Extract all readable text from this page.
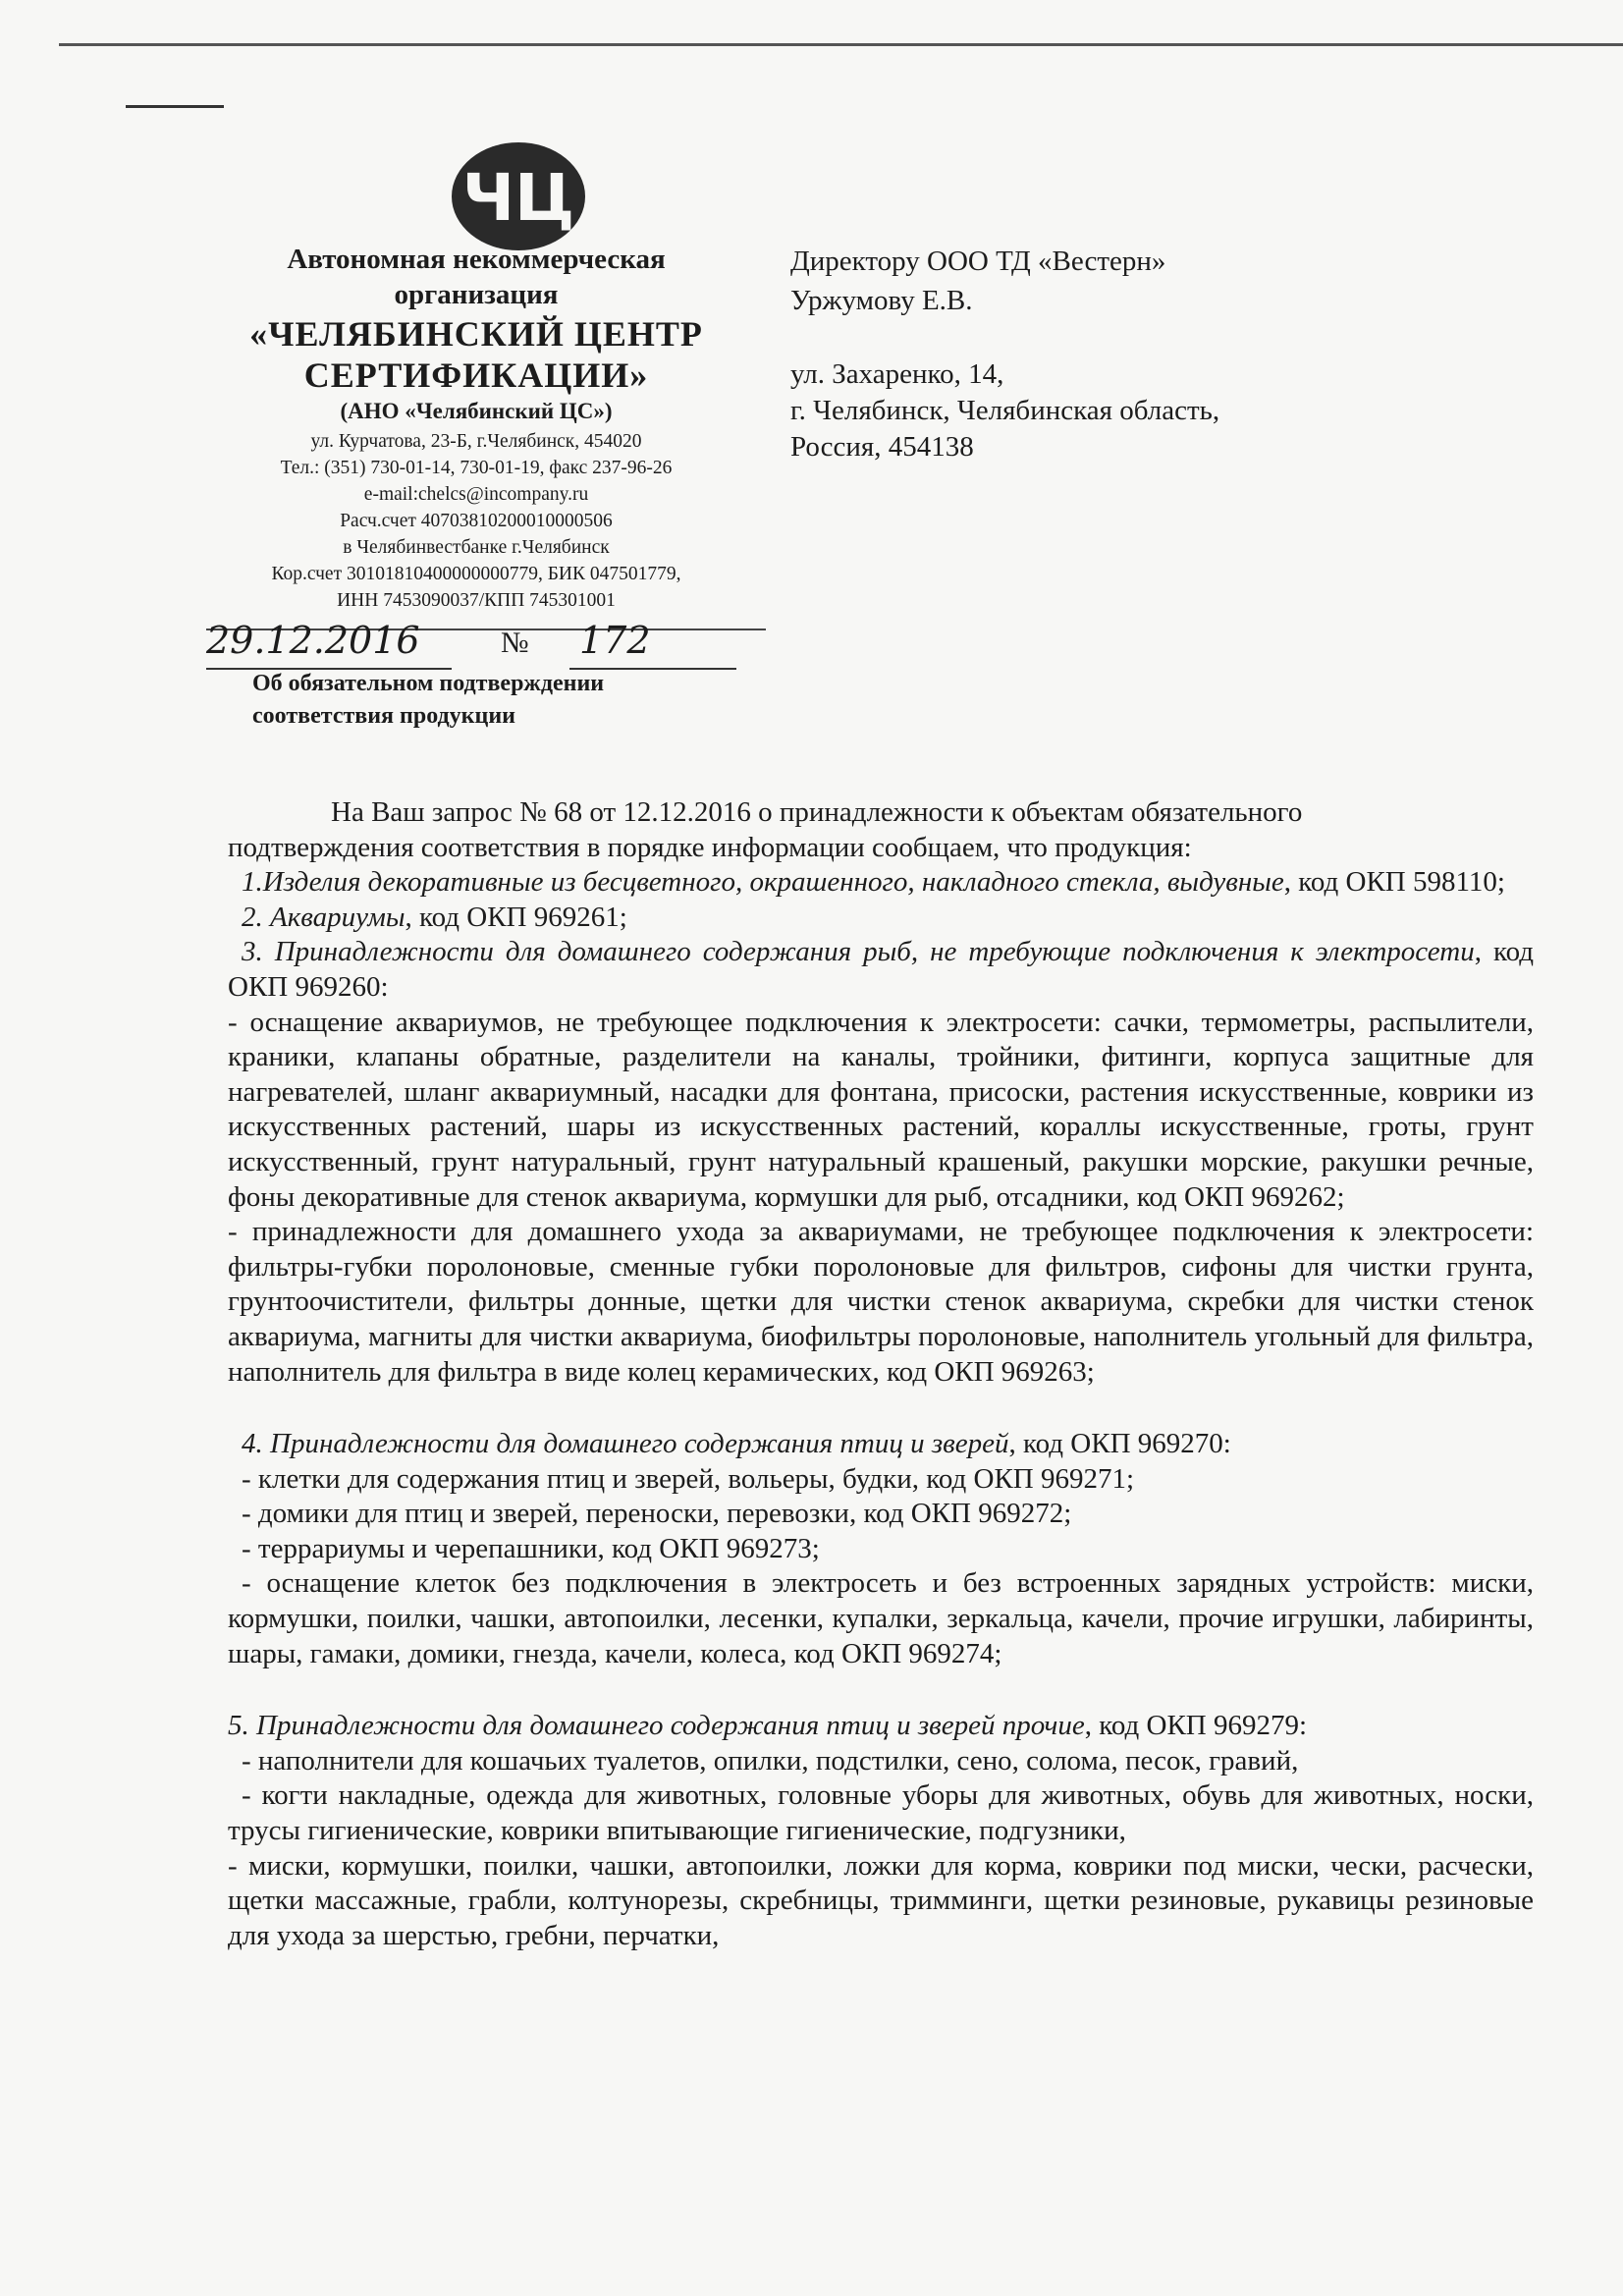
ЧЦ
Автономная некоммерческая
организация
«ЧЕЛЯБИНСКИЙ ЦЕНТР
СЕРТИФИКАЦИИ»
(АНО «Челябинский ЦС»)
ул. Курчатова, 23-Б, г.Челябинск, 454020
Тел.: (351) 730-01-14, 730-01-19, факс 237-96-26
e-mail:chelcs@incompany.ru
Расч.счет 40703810200010000506
в Челябинвестбанке г.Челябинск
Кор.счет 30101810400000000779, БИК 047501779,
ИНН 7453090037/КПП 745301001
Директору ООО ТД «Вестерн»
Уржумову Е.В.
ул. Захаренко, 14,
г. Челябинск, Челябинская область,
Россия, 454138
29.12.2016	№ 172
Об обязательном подтверждении
соответствия продукции

На Ваш запрос № 68 от 12.12.2016 о принадлежности к объектам обязательного

подтверждения соответствия в порядке информации сообщаем, что продукция:

1.Изделия декоративные из бесцветного, окрашенного, накладного стекла, выдувные, код ОКП 598110;

2. Аквариумы, код ОКП 969261;

3. Принадлежности для домашнего содержания рыб, не требующие подключения к электросети, код ОКП 969260:

- оснащение аквариумов, не требующее подключения к электросети: сачки, термометры, распылители, краники, клапаны обратные, разделители на каналы, тройники, фитинги, корпуса защитные для нагревателей, шланг аквариумный, насадки для фонтана, присоски, растения искусственные, коврики из искусственных растений, шары из искусственных растений, кораллы искусственные, гроты, грунт искусственный, грунт натуральный, грунт натуральный крашеный, ракушки морские, ракушки речные, фоны декоративные для стенок аквариума, кормушки для рыб, отсадники, код ОКП 969262;

- принадлежности для домашнего ухода за аквариумами, не требующее подключения к электросети: фильтры-губки поролоновые, сменные губки поролоновые для фильтров, сифоны для чистки грунта, грунтоочистители, фильтры донные, щетки для чистки стенок аквариума, скребки для чистки стенок аквариума, магниты для чистки аквариума, биофильтры поролоновые, наполнитель угольный для фильтра, наполнитель для фильтра в виде колец керамических, код ОКП 969263;

4. Принадлежности для домашнего содержания птиц и зверей, код ОКП 969270:

- клетки для содержания птиц и зверей, вольеры, будки, код ОКП 969271;

- домики для птиц и зверей, переноски, перевозки, код ОКП 969272;

- террариумы и черепашники, код ОКП 969273;

- оснащение клеток без подключения в электросеть и без встроенных зарядных устройств: миски, кормушки, поилки, чашки, автопоилки, лесенки, купалки, зеркальца, качели, прочие игрушки, лабиринты, шары, гамаки, домики, гнезда, качели, колеса, код ОКП 969274;

5. Принадлежности для домашнего содержания птиц и зверей прочие, код ОКП 969279:

- наполнители для кошачьих туалетов, опилки, подстилки, сено, солома, песок, гравий,

- когти накладные, одежда для животных, головные уборы для животных, обувь для животных, носки, трусы гигиенические, коврики впитывающие гигиенические, подгузники,

- миски, кормушки, поилки, чашки, автопоилки, ложки для корма, коврики под миски, чески, расчески, щетки массажные, грабли, колтунорезы, скребницы, тримминги, щетки резиновые, рукавицы резиновые для ухода за шерстью, гребни, перчатки,
